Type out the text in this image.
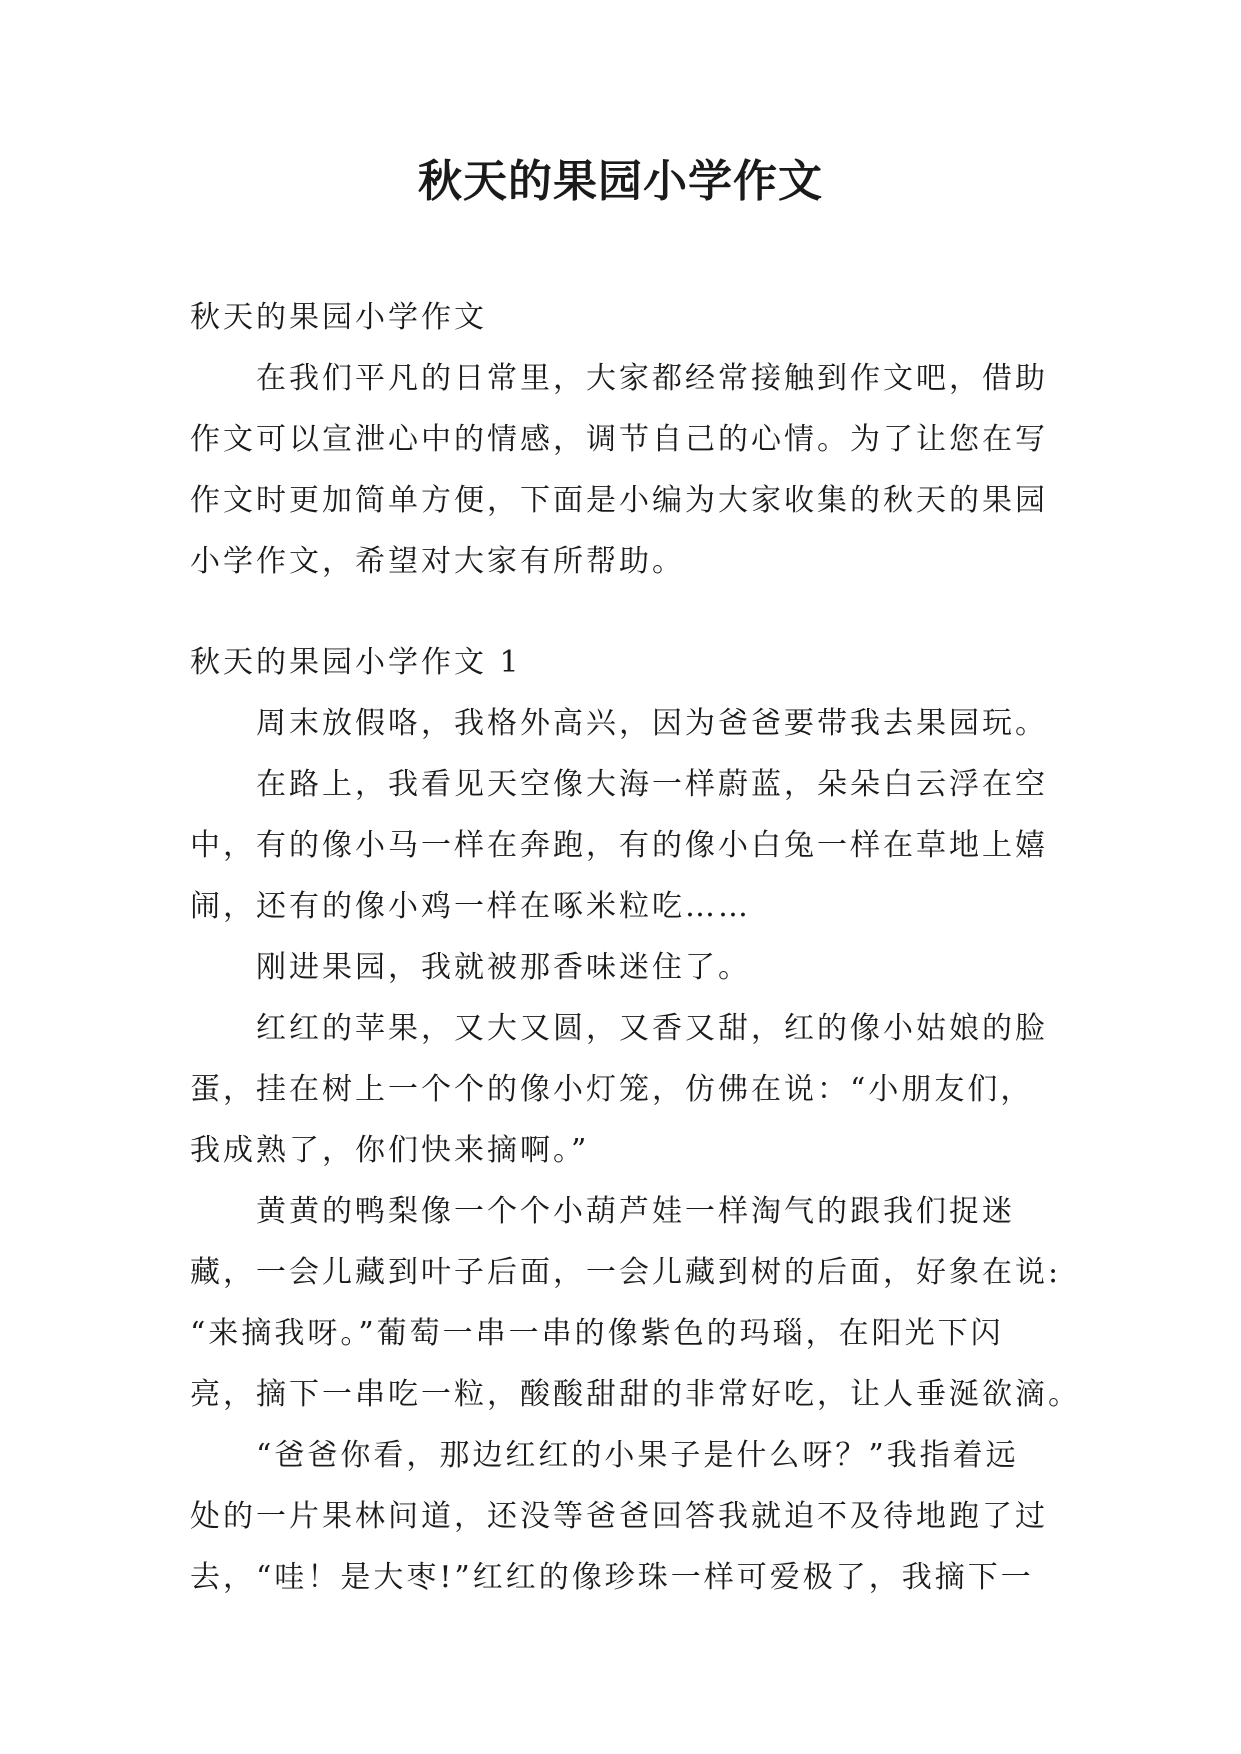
秋天的果园小学作文
秋天的果园小学作文
在我们平凡的日常里，大家都经常接触到作文吧，借助
作文可以宣泄心中的情感，调节自己的心情。为了让您在写
作文时更加简单方便，下面是小编为大家收集的秋天的果园
小学作文，希望对大家有所帮助。
秋天的果园小学作文 1
周末放假咯，我格外高兴，因为爸爸要带我去果园玩。
在路上，我看见天空像大海一样蔚蓝，朵朵白云浮在空
中，有的像小马一样在奔跑，有的像小白兔一样在草地上嬉
闹，还有的像小鸡一样在啄米粒吃……
刚进果园，我就被那香味迷住了。
红红的苹果，又大又圆，又香又甜，红的像小姑娘的脸
蛋，挂在树上一个个的像小灯笼，仿佛在说：“小朋友们，
我成熟了，你们快来摘啊。”
黄黄的鸭梨像一个个小葫芦娃一样淘气的跟我们捉迷
藏，一会儿藏到叶子后面，一会儿藏到树的后面，好象在说:
“来摘我呀。”葡萄一串一串的像紫色的玛瑙，在阳光下闪
亮，摘下一串吃一粒，酸酸甜甜的非常好吃，让人垂涎欲滴。
“爸爸你看，那边红红的小果子是什么呀？”我指着远
处的一片果林问道，还没等爸爸回答我就迫不及待地跑了过
去，“哇！是大枣!”红红的像珍珠一样可爱极了，我摘下一
